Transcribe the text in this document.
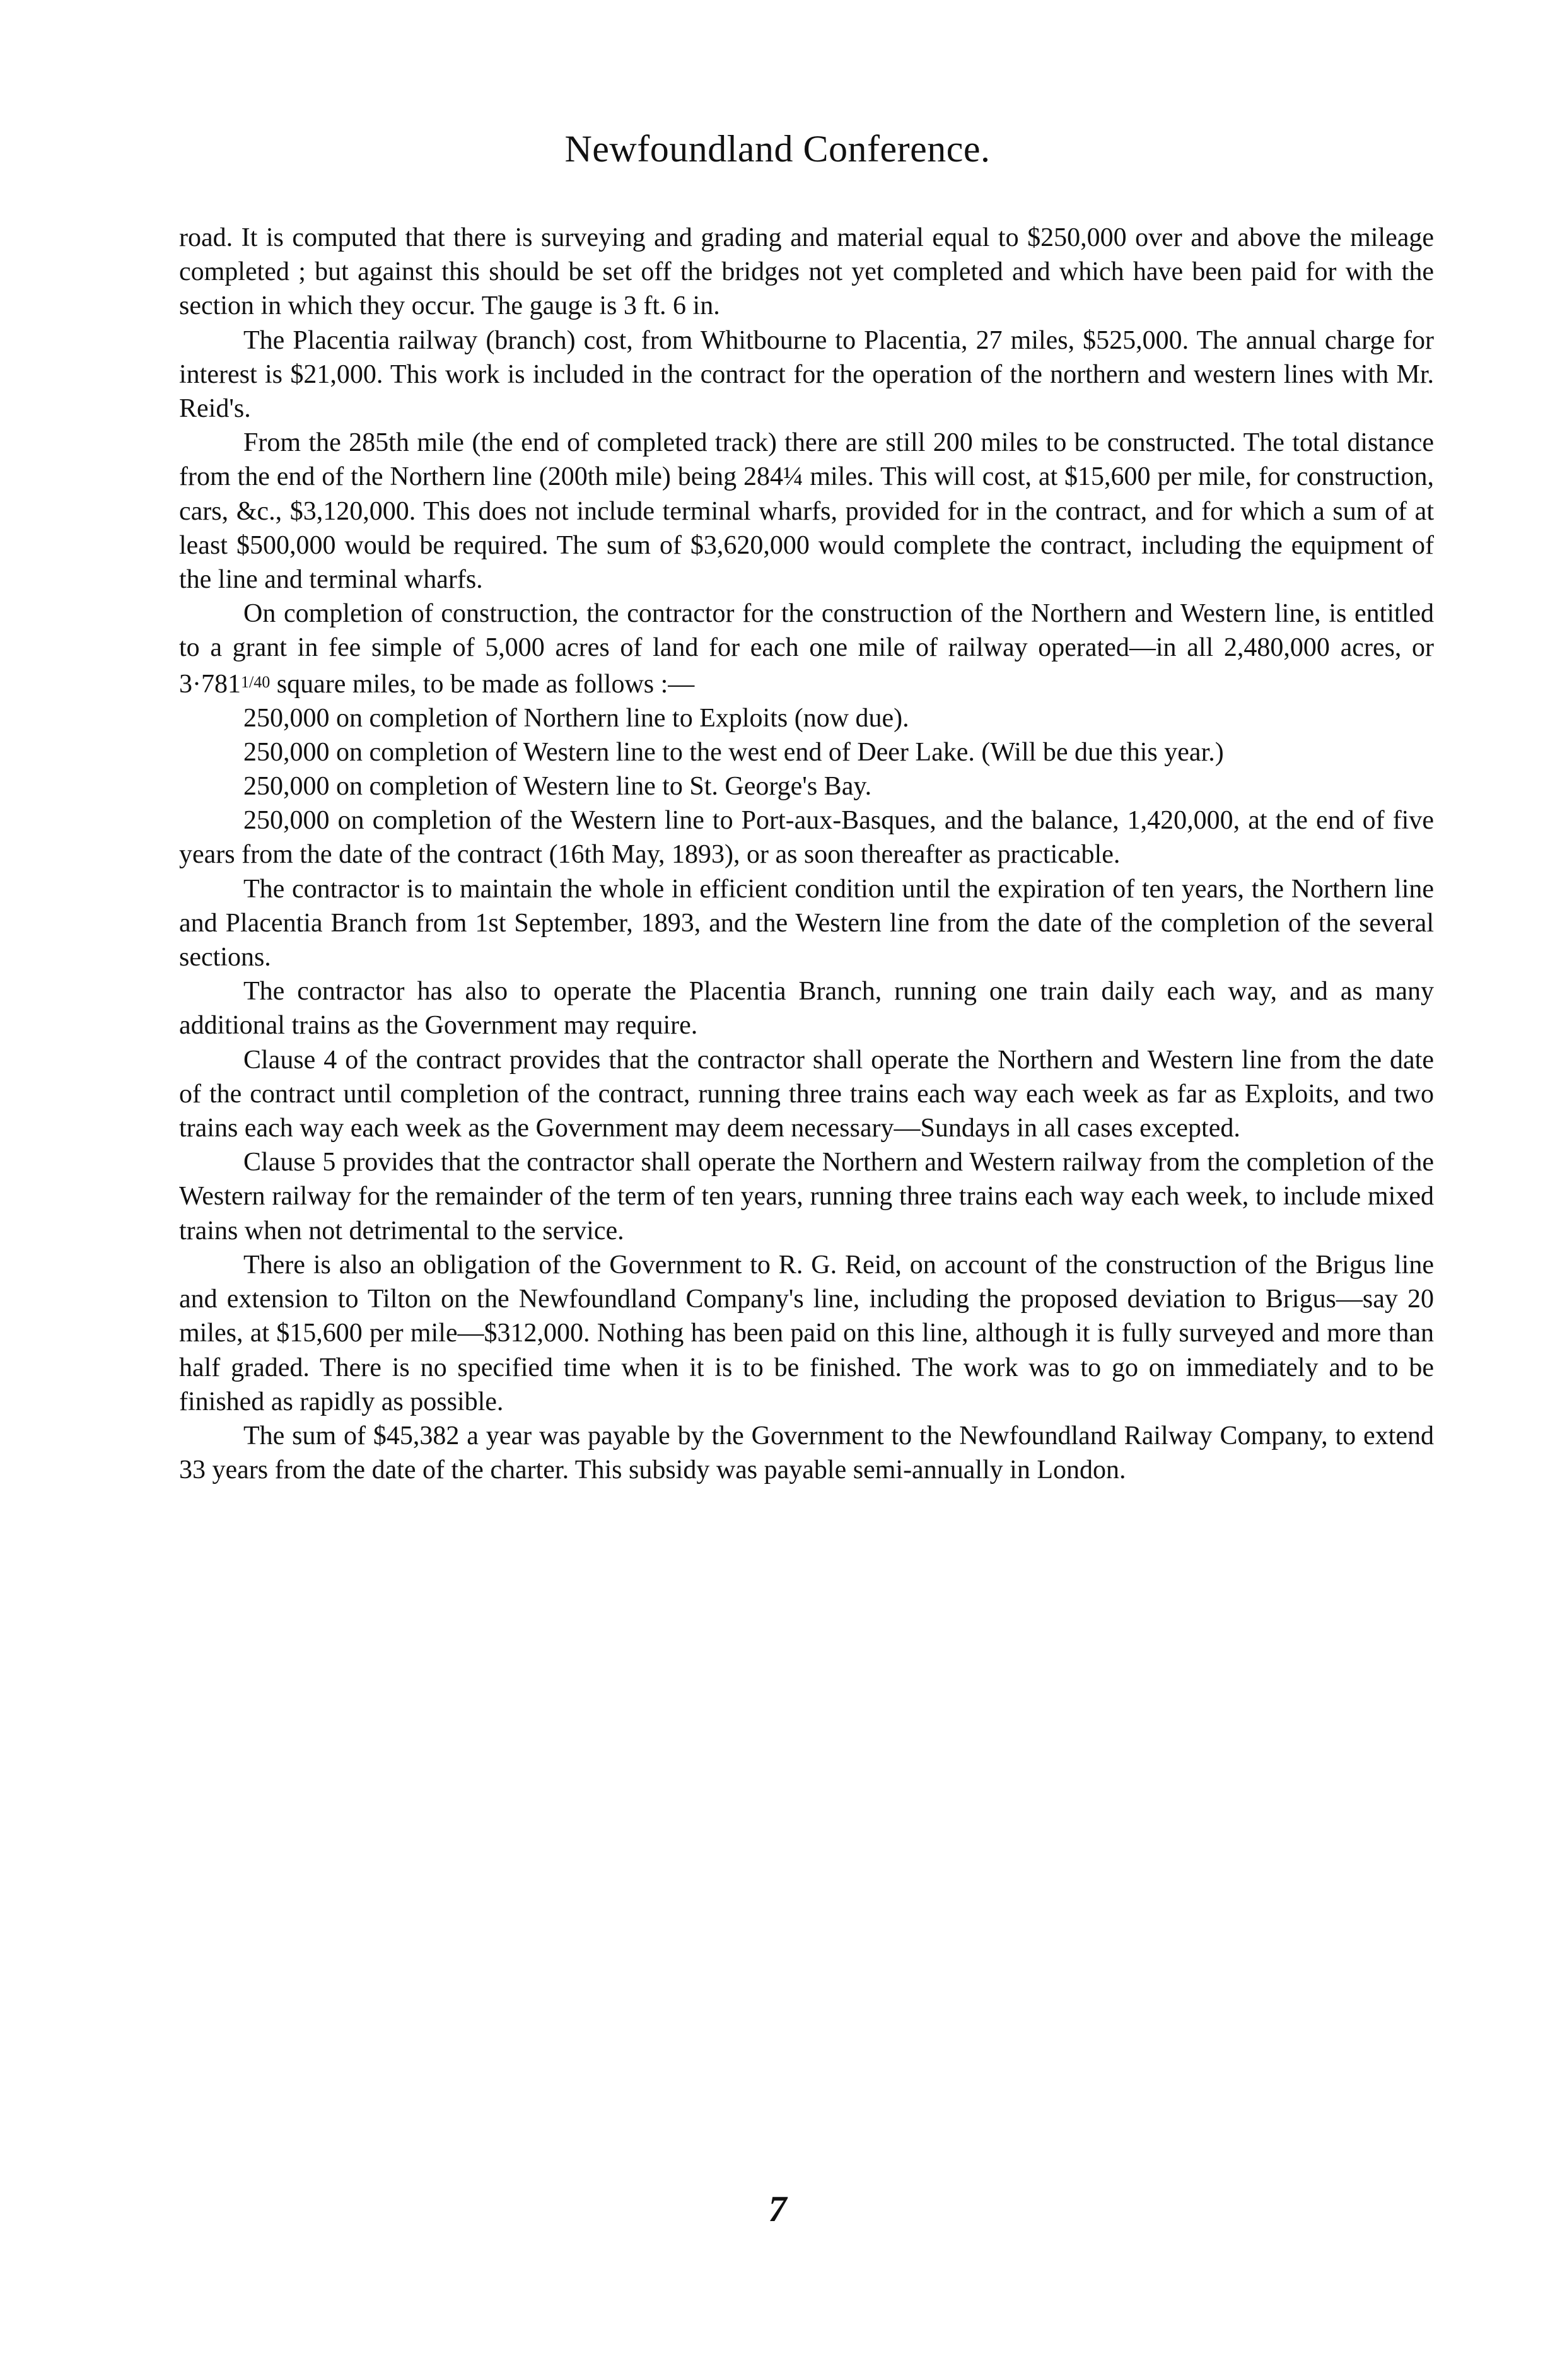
Newfoundland Conference.

road. It is computed that there is surveying and grading and material equal to $250,000 over and above the mileage completed ; but against this should be set off the bridges not yet completed and which have been paid for with the section in which they occur. The gauge is 3 ft. 6 in.

The Placentia railway (branch) cost, from Whitbourne to Placentia, 27 miles, $525,000. The annual charge for interest is $21,000. This work is included in the contract for the operation of the northern and western lines with Mr. Reid's.

From the 285th mile (the end of completed track) there are still 200 miles to be constructed. The total distance from the end of the Northern line (200th mile) being 284¼ miles. This will cost, at $15,600 per mile, for construction, cars, &c., $3,120,000. This does not include terminal wharfs, provided for in the contract, and for which a sum of at least $500,000 would be required. The sum of $3,620,000 would complete the contract, including the equipment of the line and terminal wharfs.

On completion of construction, the contractor for the construction of the Northern and Western line, is entitled to a grant in fee simple of 5,000 acres of land for each one mile of railway operated—in all 2,480,000 acres, or 3·7811/40 square miles, to be made as follows :—

250,000 on completion of Northern line to Exploits (now due).

250,000 on completion of Western line to the west end of Deer Lake. (Will be due this year.)

250,000 on completion of Western line to St. George's Bay.

250,000 on completion of the Western line to Port-aux-Basques, and the balance, 1,420,000, at the end of five years from the date of the contract (16th May, 1893), or as soon thereafter as practicable.

The contractor is to maintain the whole in efficient condition until the expiration of ten years, the Northern line and Placentia Branch from 1st September, 1893, and the Western line from the date of the completion of the several sections.

The contractor has also to operate the Placentia Branch, running one train daily each way, and as many additional trains as the Government may require.

Clause 4 of the contract provides that the contractor shall operate the Northern and Western line from the date of the contract until completion of the contract, running three trains each way each week as far as Exploits, and two trains each way each week as the Government may deem necessary—Sundays in all cases excepted.

Clause 5 provides that the contractor shall operate the Northern and Western railway from the completion of the Western railway for the remainder of the term of ten years, running three trains each way each week, to include mixed trains when not detrimental to the service.

There is also an obligation of the Government to R. G. Reid, on account of the construction of the Brigus line and extension to Tilton on the Newfoundland Company's line, including the proposed deviation to Brigus—say 20 miles, at $15,600 per mile—$312,000. Nothing has been paid on this line, although it is fully surveyed and more than half graded. There is no specified time when it is to be finished. The work was to go on immediately and to be finished as rapidly as possible.

The sum of $45,382 a year was payable by the Government to the Newfoundland Railway Company, to extend 33 years from the date of the charter. This subsidy was payable semi-annually in London.

7
